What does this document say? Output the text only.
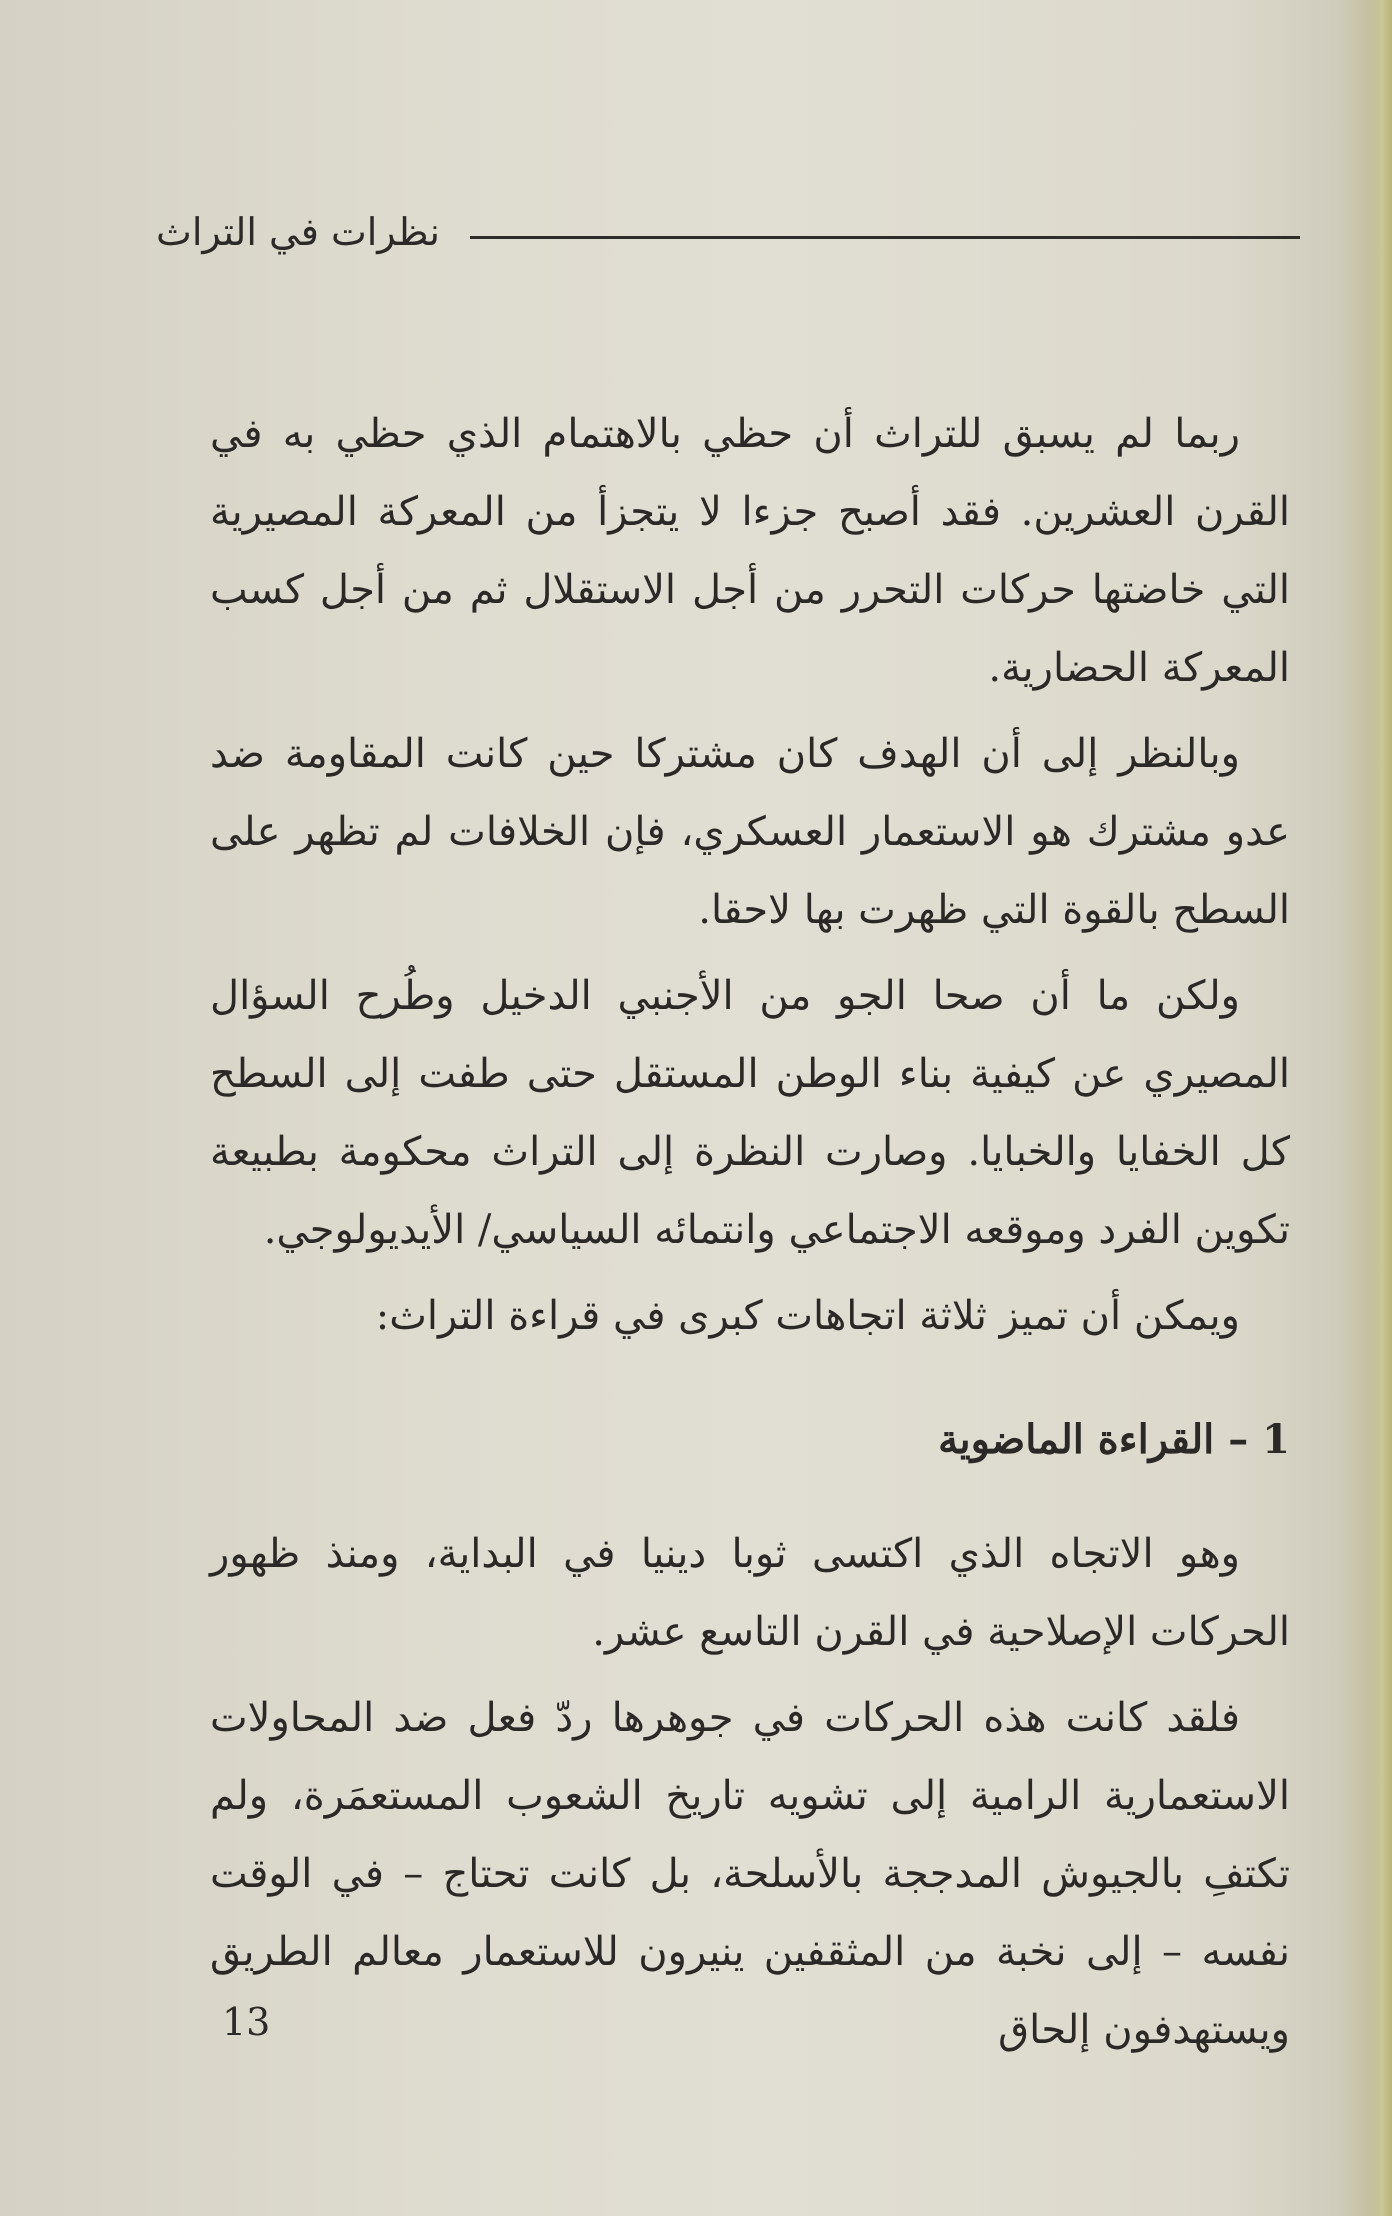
نظرات في التراث

ربما لم يسبق للتراث أن حظي بالاهتمام الذي حظي به في القرن العشرين. فقد أصبح جزءا لا يتجزأ من المعركة المصيرية التي خاضتها حركات التحرر من أجل الاستقلال ثم من أجل كسب المعركة الحضارية.

وبالنظر إلى أن الهدف كان مشتركا حين كانت المقاومة ضد عدو مشترك هو الاستعمار العسكري، فإن الخلافات لم تظهر على السطح بالقوة التي ظهرت بها لاحقا.

ولكن ما أن صحا الجو من الأجنبي الدخيل وطُرح السؤال المصيري عن كيفية بناء الوطن المستقل حتى طفت إلى السطح كل الخفايا والخبايا. وصارت النظرة إلى التراث محكومة بطبيعة تكوين الفرد وموقعه الاجتماعي وانتمائه السياسي/ الأيديولوجي.

ويمكن أن تميز ثلاثة اتجاهات كبرى في قراءة التراث:

1 – القراءة الماضوية

وهو الاتجاه الذي اكتسى ثوبا دينيا في البداية، ومنذ ظهور الحركات الإصلاحية في القرن التاسع عشر.

فلقد كانت هذه الحركات في جوهرها ردّ فعل ضد المحاولات الاستعمارية الرامية إلى تشويه تاريخ الشعوب المستعمَرة، ولم تكتفِ بالجيوش المدججة بالأسلحة، بل كانت تحتاج – في الوقت نفسه – إلى نخبة من المثقفين ينيرون للاستعمار معالم الطريق ويستهدفون إلحاق

13
